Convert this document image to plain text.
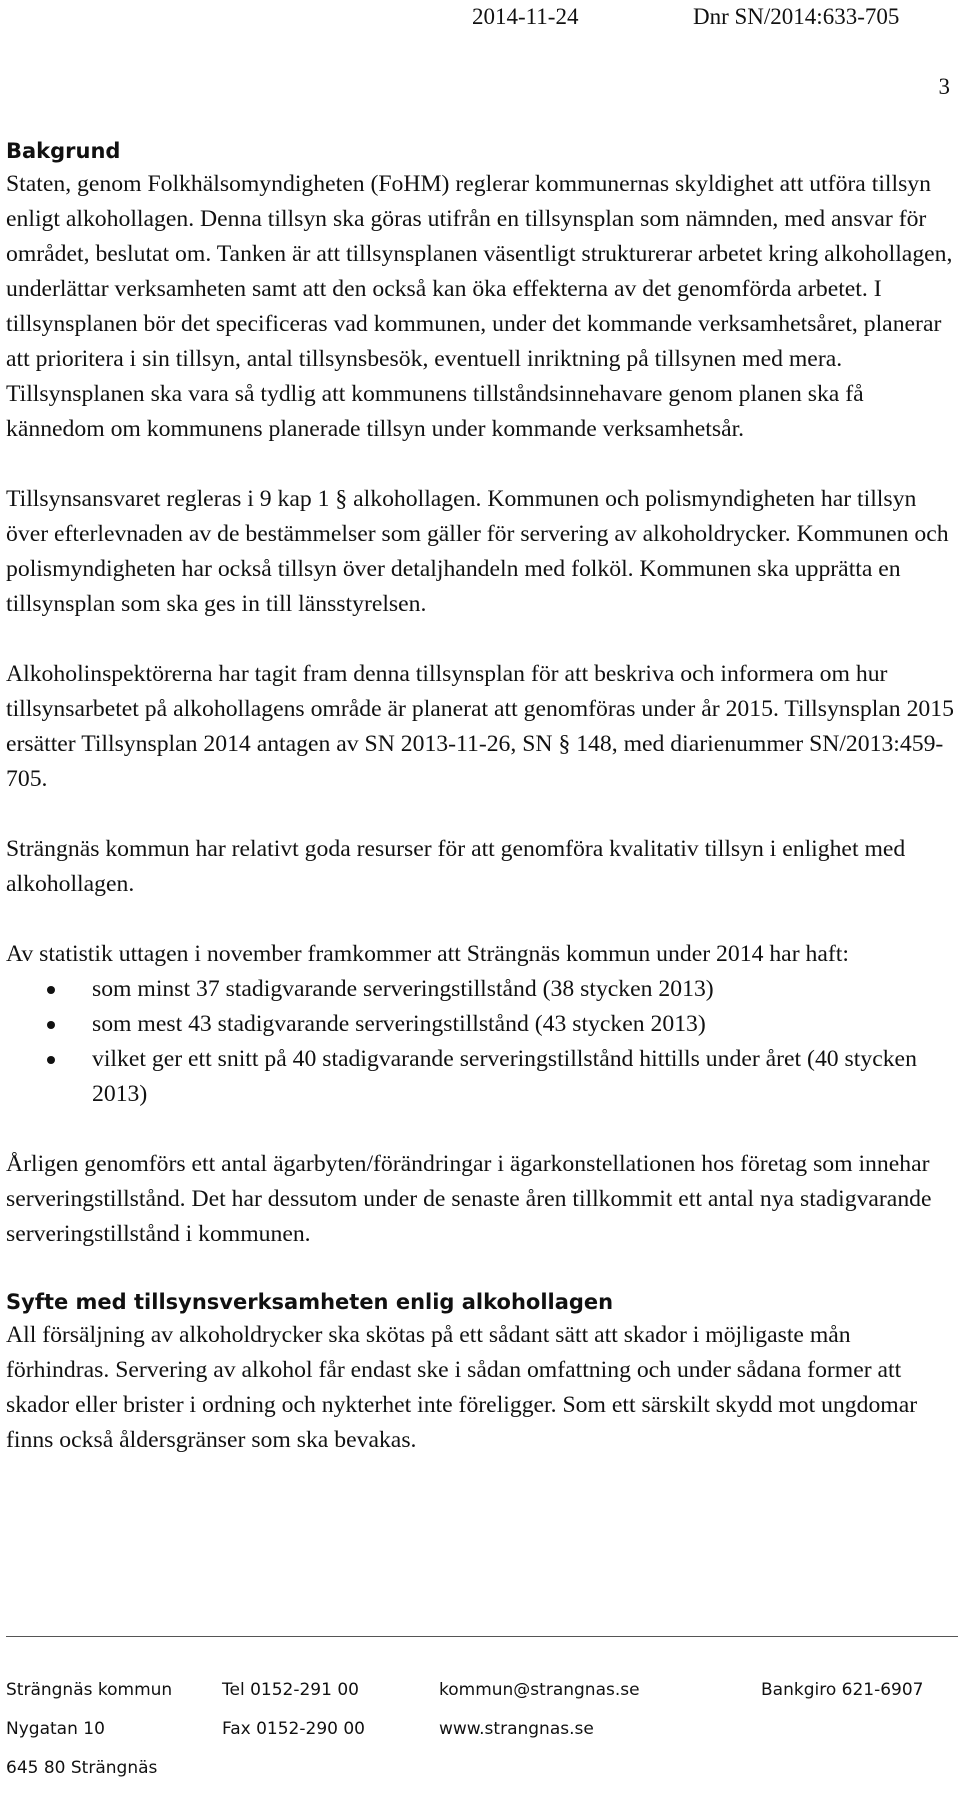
2014-11-24	Dnr SN/2014:633-705
3
Bakgrund

Staten, genom Folkhälsomyndigheten (FoHM) reglerar kommunernas skyldighet att utföra tillsyn enligt alkohollagen. Denna tillsyn ska göras utifrån en tillsynsplan som nämnden, med ansvar för området, beslutat om. Tanken är att tillsynsplanen väsentligt strukturerar arbetet kring alkohollagen, underlättar verksamheten samt att den också kan öka effekterna av det genomförda arbetet. I tillsynsplanen bör det specificeras vad kommunen, under det kommande verksamhetsåret, planerar att prioritera i sin tillsyn, antal tillsynsbesök, eventuell inriktning på tillsynen med mera. Tillsynsplanen ska vara så tydlig att kommunens tillståndsinnehavare genom planen ska få kännedom om kommunens planerade tillsyn under kommande verksamhetsår.

Tillsynsansvaret regleras i 9 kap 1 § alkohollagen. Kommunen och polismyndigheten har tillsyn över efterlevnaden av de bestämmelser som gäller för servering av alkoholdrycker. Kommunen och polismyndigheten har också tillsyn över detaljhandeln med folköl. Kommunen ska upprätta en tillsynsplan som ska ges in till länsstyrelsen.

Alkoholinspektörerna har tagit fram denna tillsynsplan för att beskriva och informera om hur tillsynsarbetet på alkohollagens område är planerat att genomföras under år 2015. Tillsynsplan 2015 ersätter Tillsynsplan 2014 antagen av SN 2013-11-26, SN § 148, med diarienummer SN/2013:459-705.

Strängnäs kommun har relativt goda resurser för att genomföra kvalitativ tillsyn i enlighet med alkohollagen.

Av statistik uttagen i november framkommer att Strängnäs kommun under 2014 har haft:

som minst 37 stadigvarande serveringstillstånd (38 stycken 2013)
som mest 43 stadigvarande serveringstillstånd (43 stycken 2013)
vilket ger ett snitt på 40 stadigvarande serveringstillstånd hittills under året (40 stycken 2013)

Årligen genomförs ett antal ägarbyten/förändringar i ägarkonstellationen hos företag som innehar serveringstillstånd. Det har dessutom under de senaste åren tillkommit ett antal nya stadigvarande serveringstillstånd i kommunen.

Syfte med tillsynsverksamheten enlig alkohollagen

All försäljning av alkoholdrycker ska skötas på ett sådant sätt att skador i möjligaste mån förhindras. Servering av alkohol får endast ske i sådan omfattning och under sådana former att skador eller brister i ordning och nykterhet inte föreligger. Som ett särskilt skydd mot ungdomar finns också åldersgränser som ska bevakas.

Strängnäs kommun	Tel 0152-291 00	kommun@strangnas.se	Bankgiro 621-6907
Nygatan 10	Fax 0152-290 00	www.strangnas.se
645 80 Strängnäs
